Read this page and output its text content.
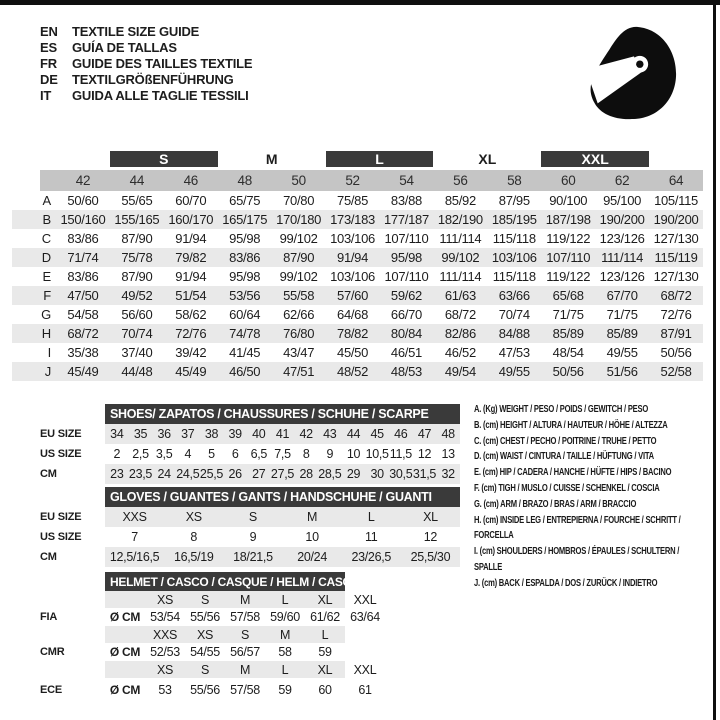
EN	TEXTILE SIZE GUIDE
ES	GUÍA DE TALLAS
FR	GUIDE DES TAILLES TEXTILE
DE	TEXTILGRÖßENFÜHRUNG
IT	GUIDA ALLE TAGLIE TESSILI
S	M	L	XL	XXL
42	44	46	48	50	52	54	56	58	60	62	64
A	50/60	55/65	60/70	65/75	70/80	75/85	83/88	85/92	87/95	90/100	95/100 105/115
B 150/160 155/165 160/170 165/175 170/180 173/183 177/187 182/190 185/195 187/198 190/200 190/200
C	83/86	87/90	91/94	95/98	99/102 103/106 107/110 111/114 115/118 119/122 123/126 127/130
D	71/74	75/78	79/82	83/86	87/90	91/94	95/98	99/102 103/106 107/110 111/114 115/119
E	83/86	87/90	91/94	95/98	99/102 103/106 107/110 111/114 115/118 119/122 123/126 127/130
F	47/50	49/52	51/54	53/56	55/58	57/60	59/62	61/63	63/66	65/68	67/70	68/72
G	54/58	56/60	58/62	60/64	62/66	64/68	66/70	68/72	70/74	71/75	71/75	72/76
H	68/72	70/74	72/76	74/78	76/80	78/82	80/84	82/86	84/88	85/89	85/89	87/91
I	35/38	37/40	39/42	41/45	43/47	45/50	46/51	46/52	47/53	48/54	49/55	50/56
J	45/49	44/48	45/49	46/50	47/51	48/52	48/53	49/54	49/55	50/56	51/56	52/58
SHOES/ ZAPATOS / CHAUSSURES / SCHUHE / SCARPE
EU SIZE	34 35 36 37 38 39 40 41 42 43 44 45 46 47 48
US SIZE	2 2,5 3,5 4	5	6 6,5 7,5 8	9	10 10,5 11,5 12 13
CM	23 23,5 24 24,5 25,5 26 27 27,5 28 28,5 29 30 30,5 31,5 32
GLOVES / GUANTES / GANTS / HANDSCHUHE / GUANTI
EU SIZE	XXS	XS	S	M	L	XL
US SIZE	7	8	9	10	11	12
CM	12,5/16,5	16,5/19	18/21,5	20/24	23/26,5	25,5/30
HELMET / CASCO / CASQUE / HELM / CASCO
XS	S	M	L	XL	XXL
FIA	Ø CM 53/54 55/56 57/58 59/60 61/62 63/64
XXS	XS	S	M	L
CMR	Ø CM 52/53 54/55 56/57	58	59
XS	S	M	L	XL	XXL
ECE	Ø CM	53	55/56 57/58	59	60	61
A. (Kg) WEIGHT / PESO / POIDS / GEWITCH / PESO
B. (cm) HEIGHT / ALTURA / HAUTEUR / HÖHE / ALTEZZA
C. (cm) CHEST / PECHO / POITRINE / TRUHE / PETTO
D. (cm) WAIST / CINTURA / TAILLE / HÜFTUNG / VITA
E. (cm) HIP / CADERA / HANCHE / HÜFTE / HIPS / BACINO
F. (cm) TIGH / MUSLO / CUISSE / SCHENKEL / COSCIA
G. (cm) ARM / BRAZO / BRAS / ARM / BRACCIO
H. (cm) INSIDE LEG / ENTREPIERNA / FOURCHE / SCHRITT / FORCELLA
I. (cm) SHOULDERS / HOMBROS / ÉPAULES / SCHULTERN / SPALLE
J. (cm) BACK / ESPALDA / DOS / ZURÜCK / INDIETRO
